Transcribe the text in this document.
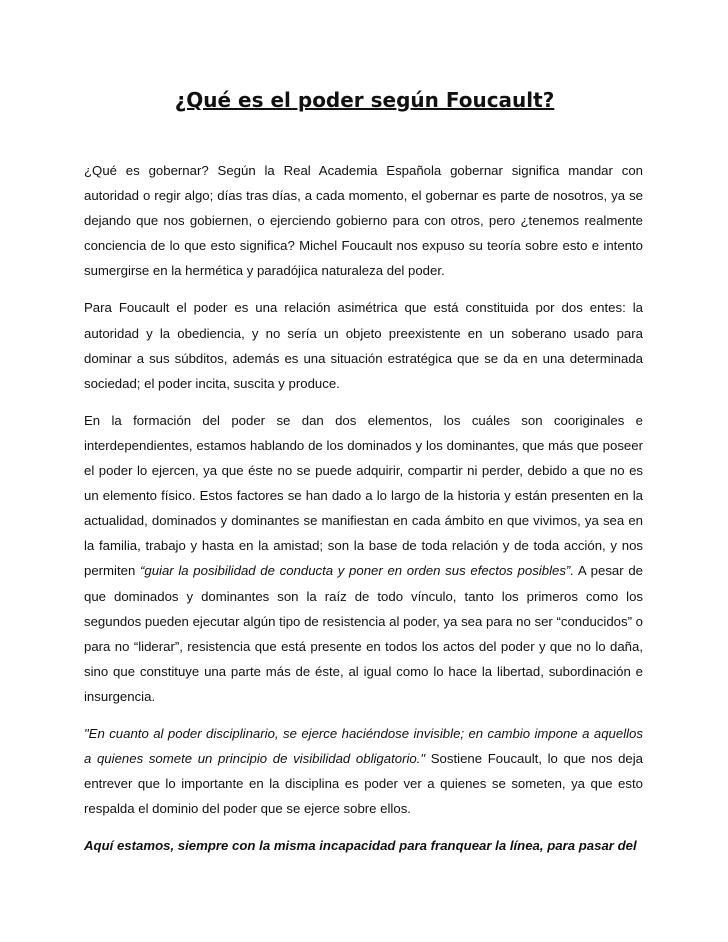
¿Qué es el poder según Foucault?

¿Qué es gobernar? Según la Real Academia Española gobernar significa mandar con autoridad o regir algo; días tras días, a cada momento, el gobernar es parte de nosotros, ya se dejando que nos gobiernen, o ejerciendo gobierno para con otros, pero ¿tenemos realmente conciencia de lo que esto significa? Michel Foucault nos expuso su teoría sobre esto e intento sumergirse en la hermética y paradójica naturaleza del poder.

Para Foucault el poder es una relación asimétrica que está constituida por dos entes: la autoridad y la obediencia, y no sería un objeto preexistente en un soberano usado para dominar a sus súbditos, además es una situación estratégica que se da en una determinada sociedad; el poder incita, suscita y produce.

En la formación del poder se dan dos elementos, los cuáles son cooriginales e interdependientes, estamos hablando de los dominados y los dominantes, que más que poseer el poder lo ejercen, ya que éste no se puede adquirir, compartir ni perder, debido a que no es un elemento físico. Estos factores se han dado a lo largo de la historia y están presenten en la actualidad, dominados y dominantes se manifiestan en cada ámbito en que vivimos, ya sea en la familia, trabajo y hasta en la amistad; son la base de toda relación y de toda acción, y nos permiten “guiar la posibilidad de conducta y poner en orden sus efectos posibles”. A pesar de que dominados y dominantes son la raíz de todo vínculo, tanto los primeros como los segundos pueden ejecutar algún tipo de resistencia al poder, ya sea para no ser “conducidos” o para no “liderar”, resistencia que está presente en todos los actos del poder y que no lo daña, sino que constituye una parte más de éste, al igual como lo hace la libertad, subordinación e insurgencia.

"En cuanto al poder disciplinario, se ejerce haciéndose invisible; en cambio impone a aquellos a quienes somete un principio de visibilidad obligatorio." Sostiene Foucault, lo que nos deja entrever que lo importante en la disciplina es poder ver a quienes se someten, ya que esto respalda el dominio del poder que se ejerce sobre ellos.

Aquí estamos, siempre con la misma incapacidad para franquear la línea, para pasar del
